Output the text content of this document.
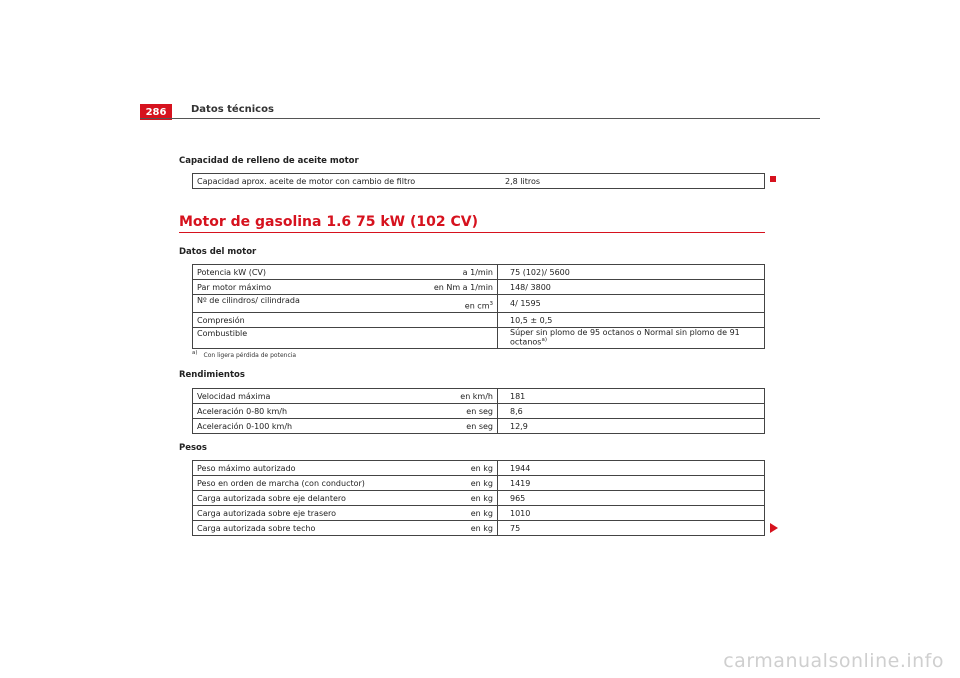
286	Datos técnicos
Capacidad de relleno de aceite motor
Capacidad aprox. aceite de motor con cambio de filtro	2,8 litros
Motor de gasolina 1.6 75 kW (102 CV)
Datos del motor
Potencia kW (CV)	a 1/min	75 (102)/ 5600
Par motor máximo	en Nm a 1/min	148/ 3800
Nº de cilindros/ cilindrada	en $cm^3$	4/ 1595
Compresión		10,5 ± 0,5
Combustible		Súper sin plomo de 95 octanos o Normal sin plomo de 91 octanos$^{a)}$
$^{a)}$ Con ligera pérdida de potencia
Rendimientos
Velocidad máxima	en km/h	181
Aceleración 0-80 km/h	en seg	8,6
Aceleración 0-100 km/h	en seg	12,9
Pesos
Peso máximo autorizado	en kg	1944
Peso en orden de marcha (con conductor)	en kg	1419
Carga autorizada sobre eje delantero	en kg	965
Carga autorizada sobre eje trasero	en kg	1010
Carga autorizada sobre techo	en kg	75
carmanualsonline.info
